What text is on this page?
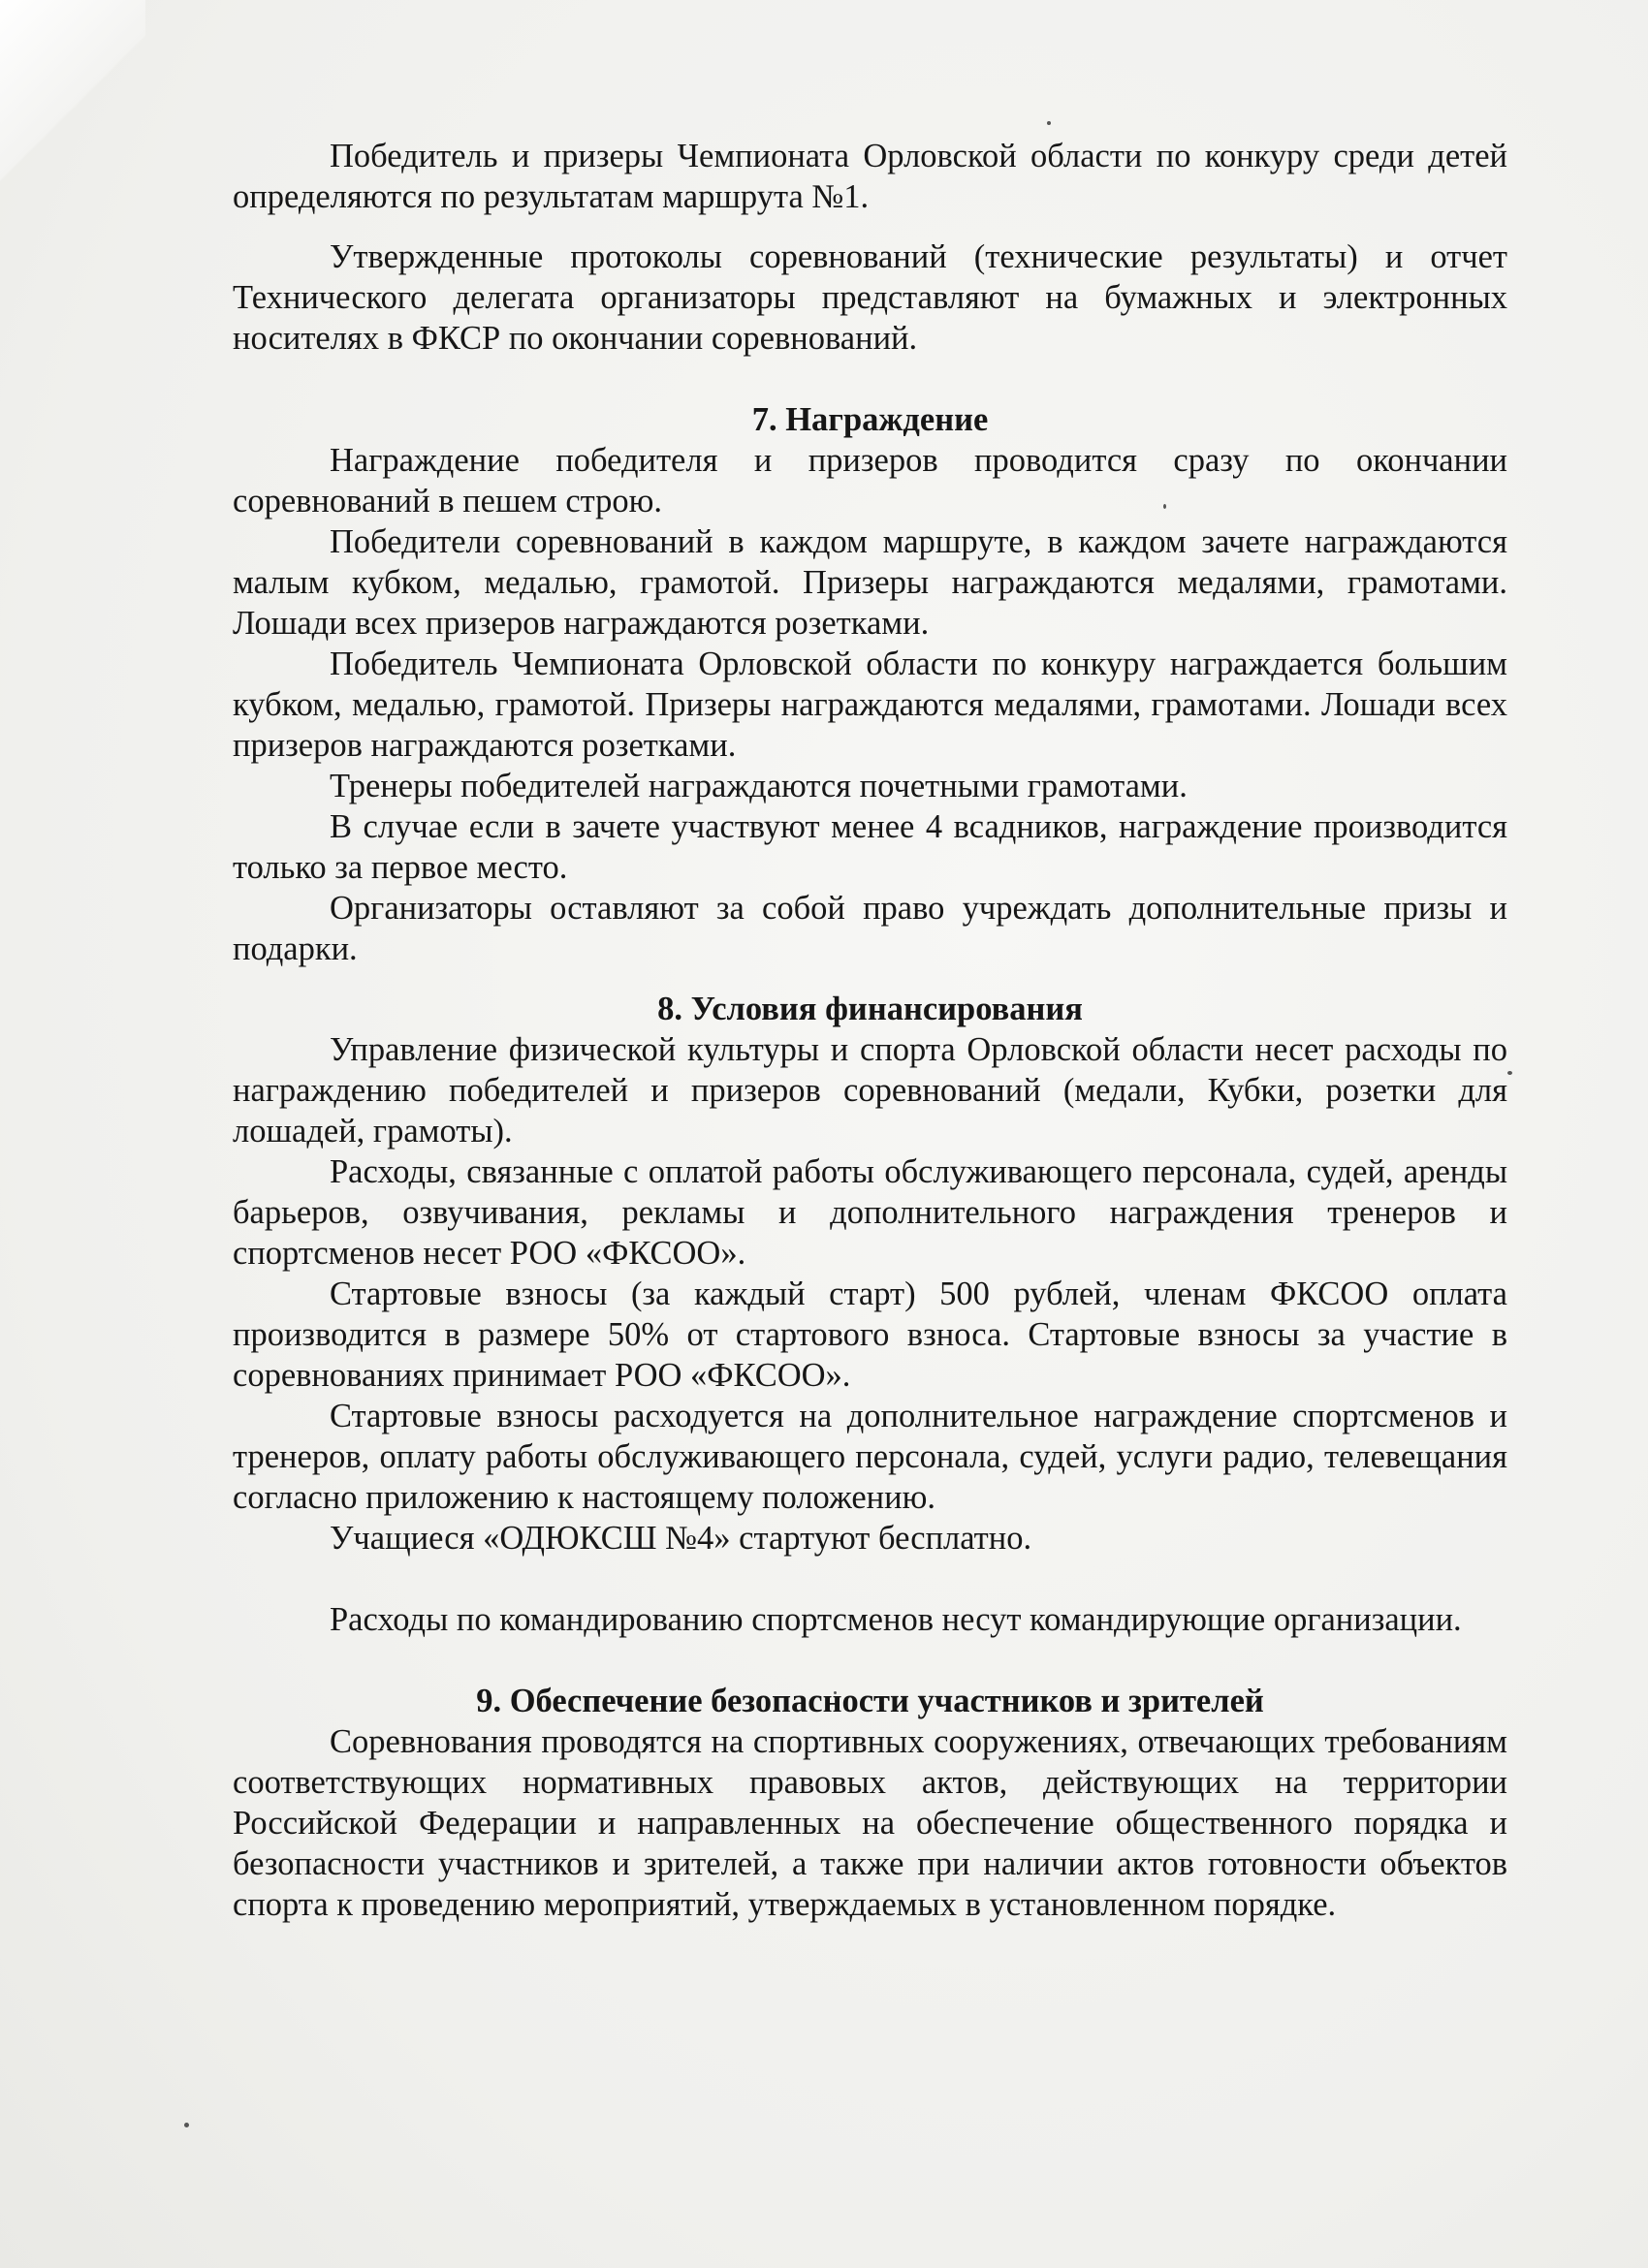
Победитель и призеры Чемпионата Орловской области по конкуру среди детей определяются по результатам маршрута №1.

Утвержденные протоколы соревнований (технические результаты) и отчет Технического делегата организаторы представляют на бумажных и электронных носителях в ФКСР по окончании соревнований.

7. Награждение

Награждение победителя и призеров проводится сразу по окончании соревнований в пешем строю.

Победители соревнований в каждом маршруте, в каждом зачете награждаются малым кубком, медалью, грамотой. Призеры награждаются медалями, грамотами. Лошади всех призеров награждаются розетками.

Победитель Чемпионата Орловской области по конкуру награждается большим кубком, медалью, грамотой. Призеры награждаются медалями, грамотами. Лошади всех призеров награждаются розетками.

Тренеры победителей награждаются почетными грамотами.

В случае если в зачете участвуют менее 4 всадников, награждение производится только за первое место.

Организаторы оставляют за собой право учреждать дополнительные призы и подарки.

8. Условия финансирования

Управление физической культуры и спорта Орловской области несет расходы по награждению победителей и призеров соревнований (медали, Кубки, розетки для лошадей, грамоты).

Расходы, связанные с оплатой работы обслуживающего персонала, судей, аренды барьеров, озвучивания, рекламы и дополнительного награждения тренеров и спортсменов несет РОО «ФКСОО».

Стартовые взносы (за каждый старт) 500 рублей, членам ФКСОО оплата производится в размере 50% от стартового взноса. Стартовые взносы за участие в соревнованиях принимает РОО «ФКСОО».

Стартовые взносы расходуется на дополнительное награждение спортсменов и тренеров, оплату работы обслуживающего персонала, судей, услуги радио, телевещания согласно приложению к настоящему положению.

Учащиеся «ОДЮКСШ №4» стартуют бесплатно.

Расходы по командированию спортсменов несут командирующие организации.

9. Обеспечение безопасности участников и зрителей

Соревнования проводятся на спортивных сооружениях, отвечающих требованиям соответствующих нормативных правовых актов, действующих на территории Российской Федерации и направленных на обеспечение общественного порядка и безопасности участников и зрителей, а также при наличии актов готовности объектов спорта к проведению мероприятий, утверждаемых в установленном порядке.
